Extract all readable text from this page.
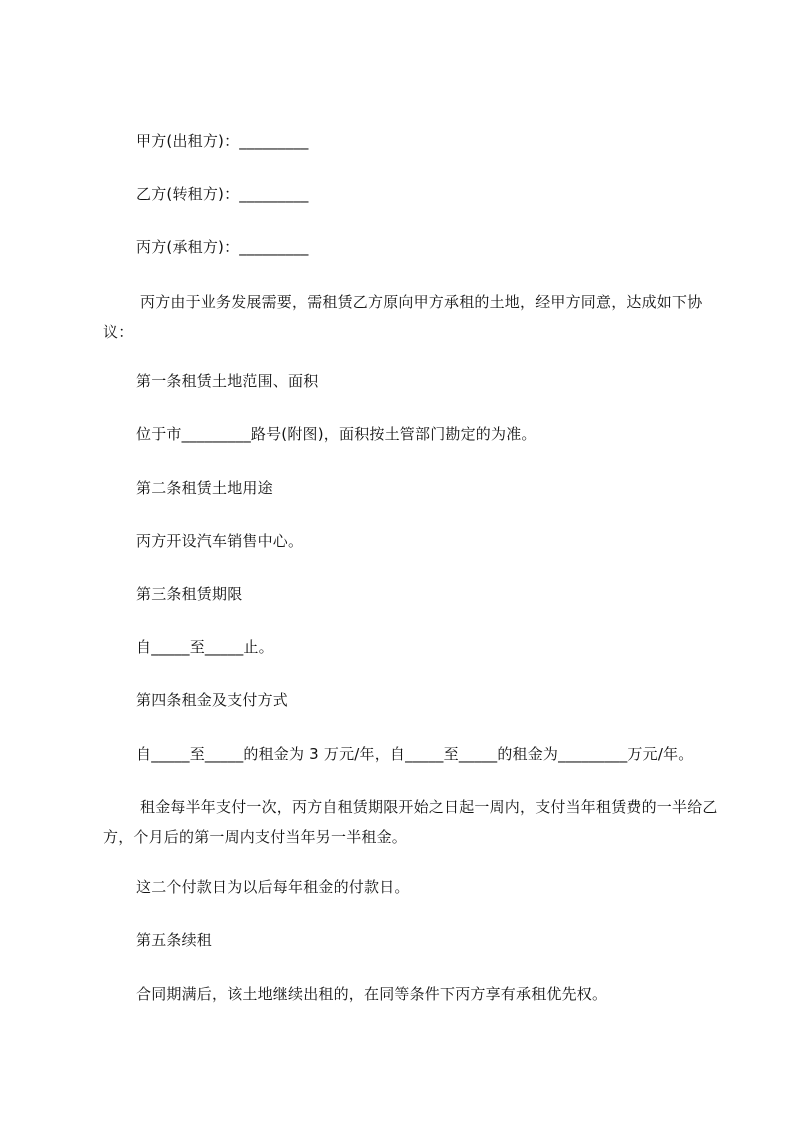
甲方(出租方)：_________
乙方(转租方)：_________
丙方(承租方)：_________
丙方由于业务发展需要，需租赁乙方原向甲方承租的土地，经甲方同意，达成如下协议：
第一条租赁土地范围、面积
位于市_________路号(附图)，面积按土管部门勘定的为准。
第二条租赁土地用途
丙方开设汽车销售中心。
第三条租赁期限
自_____至_____止。
第四条租金及支付方式
自_____至_____的租金为 3 万元/年，自_____至_____的租金为_________万元/年。
租金每半年支付一次，丙方自租赁期限开始之日起一周内，支付当年租赁费的一半给乙方，个月后的第一周内支付当年另一半租金。
这二个付款日为以后每年租金的付款日。
第五条续租
合同期满后，该土地继续出租的，在同等条件下丙方享有承租优先权。
